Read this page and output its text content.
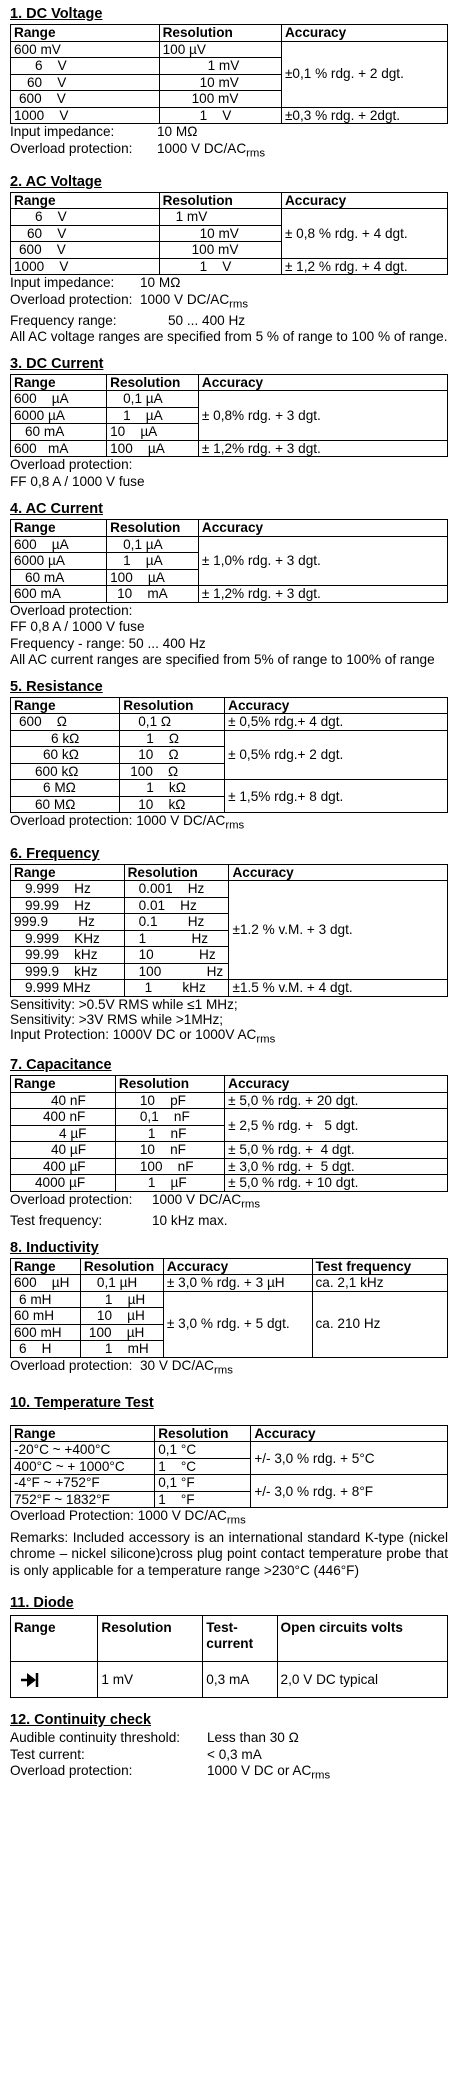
1. DC Voltage
Range	Resolution	Accuracy
600 mV	100 µV	±0,1 % rdg. + 2 dgt.
6    V	1 mV	
60    V	10 mV	
600    V	100 mV	
1000    V	1    V	±0,3 % rdg. + 2dgt.
Input impedance:	10 MΩ
Overload protection:	1000 V $DC/AC_{rms}$
2. AC Voltage
Range	Resolution	Accuracy
6    V	1 mV	± 0,8 % rdg. + 4 dgt.
60    V	10 mV	
600    V	100 mV	
1000    V	1    V	± 1,2 % rdg. + 4 dgt.
Input impedance:	10 MΩ
Overload protection: 1000 V $DC/AC_{rms}$
Frequency range:	50 ... 400 Hz

All AC voltage ranges are specified from 5 % of range to 100 % of range.

3. DC Current
Range	Resolution	Accuracy
600    µA	0,1 µA	± 0,8% rdg. + 3 dgt.
6000 µA	1    µA	
60 mA	10    µA	
600   mA	100    µA	± 1,2% rdg. + 3 dgt.

Overload protection:

FF 0,8 A / 1000 V fuse

4. AC Current
Range	Resolution	Accuracy
600    µA	0,1 µA	± 1,0% rdg. + 3 dgt.
6000 µA	1    µA	
60 mA	100    µA	
600 mA	10    mA	± 1,2% rdg. + 3 dgt.

Overload protection:

FF 0,8 A / 1000 V fuse

Frequency - range: 50 ... 400 Hz

All AC current ranges are specified from 5% of range to 100% of range

5. Resistance
Range	Resolution	Accuracy
600    Ω	0,1 Ω	± 0,5% rdg.+ 4 dgt.
6 kΩ	1    Ω	± 0,5% rdg.+ 2 dgt.
60 kΩ	10    Ω	
600 kΩ	100    Ω	
6 MΩ	1    kΩ	± 1,5% rdg.+ 8 dgt.
60 MΩ	10    kΩ	
Overload protection: 1000 V $DC/AC_{rms}$
6. Frequency
Range	Resolution	Accuracy
9.999    Hz	0.001    Hz	±1.2 % v.M. + 3 dgt.
99.99    Hz	0.01    Hz	
999.9        Hz	0.1        Hz	
9.999    KHz	1            Hz	
99.99    kHz	10            Hz	
999.9    kHz	100            Hz	
9.999 MHz	1        kHz	±1.5 % v.M. + 4 dgt.

Sensitivity: >0.5V RMS while ≤1 MHz;

Sensitivity: >3V RMS while >1MHz;

Input Protection: 1000V DC or 1000V $AC_{rms}$

7. Capacitance
Range	Resolution	Accuracy
40 nF	10    pF	± 5,0 % rdg. + 20 dgt.
400 nF	0,1    nF	± 2,5 % rdg. +   5 dgt.
4 µF	1    nF	
40 µF	10    nF	± 5,0 % rdg. +  4 dgt.
400 µF	100    nF	± 3,0 % rdg. +  5 dgt.
4000 µF	1    µF	± 5,0 % rdg. + 10 dgt.
Overload protection: 1000 V $DC/AC_{rms}$
Test frequency:	10 kHz max.
8. Inductivity
Range	Resolution	Accuracy	Test frequency
600    µH	0,1 µH	± 3,0 % rdg. + 3 µH	ca. 2,1 kHz
6 mH	1    µH	± 3,0 % rdg. + 5 dgt.	ca. 210 Hz
60 mH	10    µH		
600 mH	100    µH		
6    H	1    mH		
Overload protection: 30 V $DC/AC_{rms}$
10. Temperature Test
Range	Resolution	Accuracy
-20°C ~ +400°C	0,1 °C	+/- 3,0 % rdg. + 5°C
400°C ~ + 1000°C	1    °C	
-4°F ~ +752°F	0,1 °F	+/- 3,0 % rdg. + 8°F
752°F ~ 1832°F	1    °F	

Overload Protection: 1000 V $DC/AC_{rms}$

Remarks: Included accessory is an international standard K-type (nickel chrome – nickel silicone)cross plug point contact temperature probe that is only applicable for a temperature range >230°C (446°F)

11. Diode
Range	Resolution	Test-current	Open circuits volts
	1 mV	0,3 mA	2,0 V DC typical
12. Continuity check
Audible continuity threshold:	Less than 30 Ω
Test current:	< 0,3 mA
Overload protection:	1000 V DC or $AC_{rms}$
